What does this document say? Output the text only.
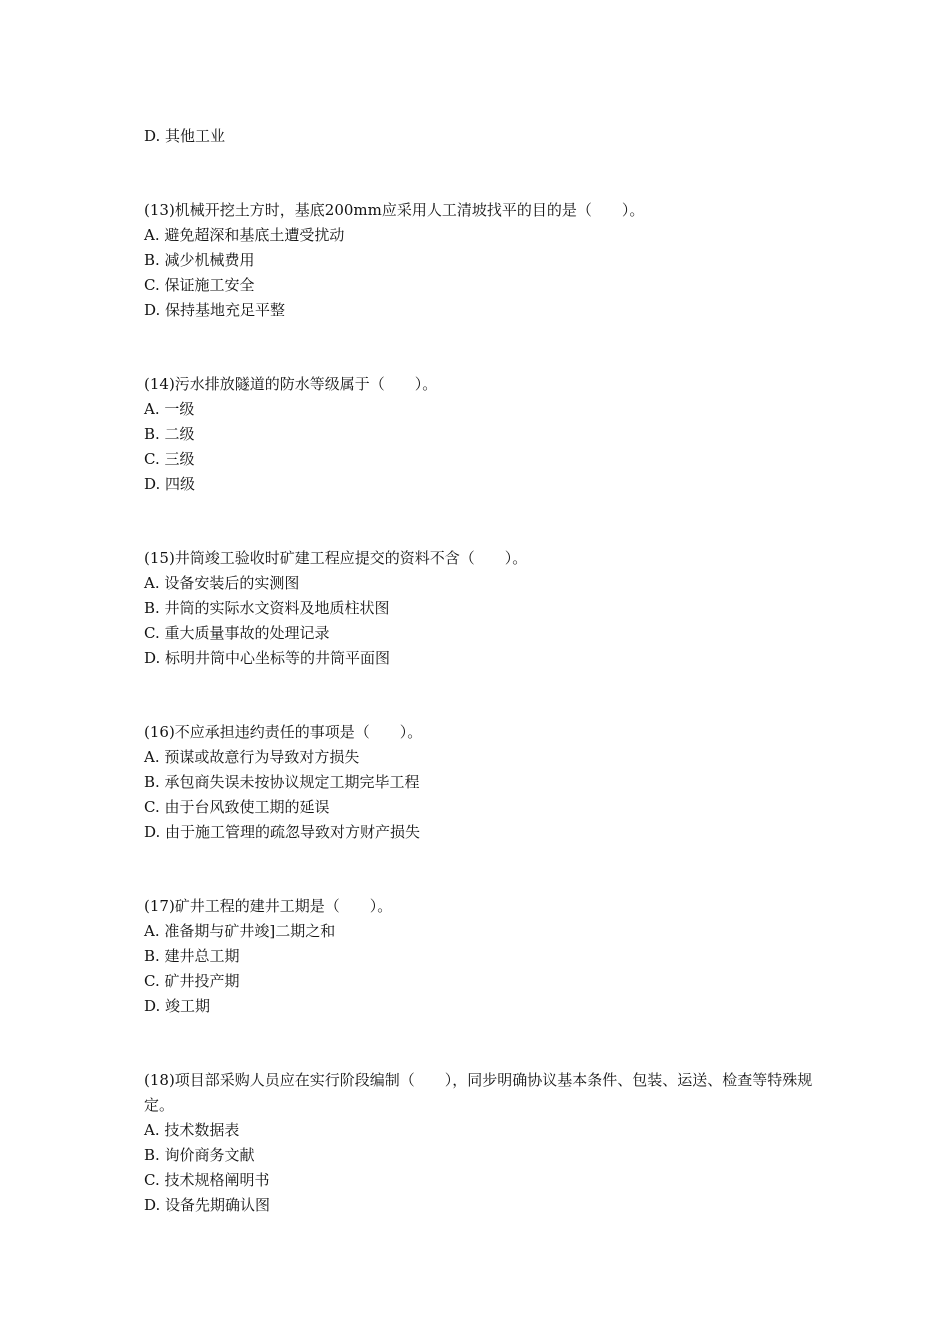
D. 其他工业
(13)机械开挖土方时，基底200mm应采用人工清坡找平的目的是（　　）。
A. 避免超深和基底土遭受扰动
B. 减少机械费用
C. 保证施工安全
D. 保持基地充足平整
(14)污水排放隧道的防水等级属于（　　）。
A. 一级
B. 二级
C. 三级
D. 四级
(15)井筒竣工验收时矿建工程应提交的资料不含（　　）。
A. 设备安装后的实测图
B. 井筒的实际水文资料及地质柱状图
C. 重大质量事故的处理记录
D. 标明井筒中心坐标等的井筒平面图
(16)不应承担违约责任的事项是（　　）。
A. 预谋或故意行为导致对方损失
B. 承包商失误未按协议规定工期完毕工程
C. 由于台风致使工期的延误
D. 由于施工管理的疏忽导致对方财产损失
(17)矿井工程的建井工期是（　　）。
A. 准备期与矿井竣]二期之和
B. 建井总工期
C. 矿井投产期
D. 竣工期
(18)项目部采购人员应在实行阶段编制（　　），同步明确协议基本条件、包装、运送、检查等特殊规定。
A. 技术数据表
B. 询价商务文献
C. 技术规格阐明书
D. 设备先期确认图
